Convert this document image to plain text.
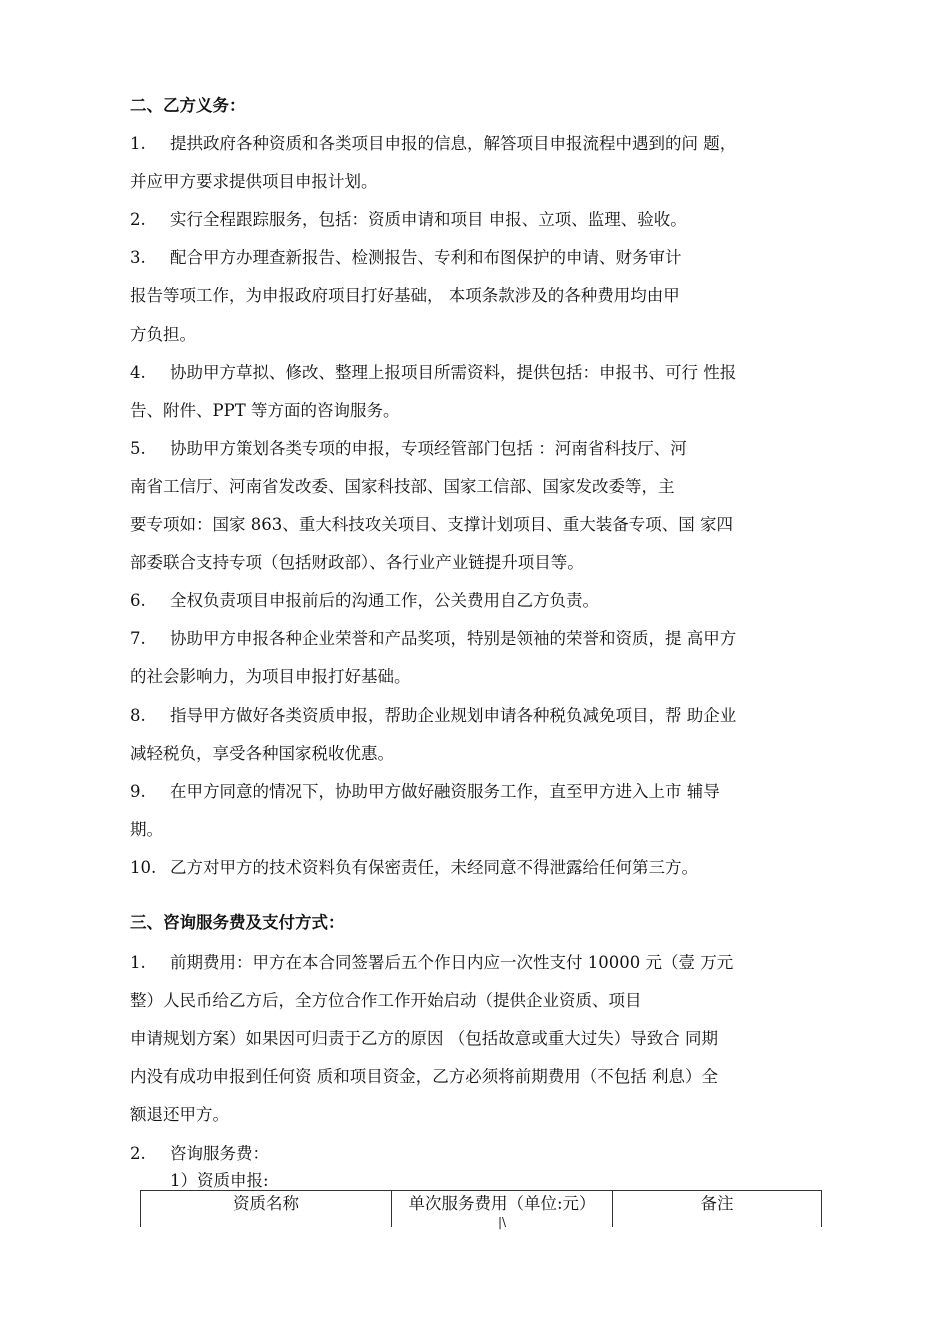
二、乙方义务：
1. 提拱政府各种资质和各类项目申报的信息，解答项目申报流程中遇到的问 题，
并应甲方要求提供项目申报计划。
2. 实行全程跟踪服务，包括：资质申请和项目 申报、立项、监理、验收。
3. 配合甲方办理查新报告、检测报告、专利和布图保护的申请、财务审计
报告等项工作，为申报政府项目打好基础， 本项条款涉及的各种费用均由甲
方负担。
4. 协助甲方草拟、修改、整理上报项目所需资料，提供包括：申报书、可行 性报
告、附件、PPT 等方面的咨询服务。
5. 协助甲方策划各类专项的申报，专项经管部门包括 ：河南省科技厅、河
南省工信厅、河南省发改委、国家科技部、国家工信部、国家发改委等，主
要专项如：国家 863、重大科技攻关项目、支撑计划项目、重大装备专项、国 家四
部委联合支持专项（包括财政部）、各行业产业链提升项目等。
6. 全权负责项目申报前后的沟通工作，公关费用自乙方负责。
7. 协助甲方申报各种企业荣誉和产品奖项，特别是领袖的荣誉和资质，提 高甲方
的社会影响力，为项目申报打好基础。
8. 指导甲方做好各类资质申报，帮助企业规划申请各种税负减免项目，帮 助企业
减轻税负，享受各种国家税收优惠。
9. 在甲方同意的情况下，协助甲方做好融资服务工作，直至甲方进入上市 辅导
期。
10. 乙方对甲方的技术资料负有保密责任，未经同意不得泄露给任何第三方。
三、咨询服务费及支付方式：
1. 前期费用：甲方在本合同签署后五个作日内应一次性支付 10000 元（壹 万元
整）人民币给乙方后，全方位合作工作开始启动（提供企业资质、项目
申请规划方案）如果因可归责于乙方的原因 （包括故意或重大过失）导致合 同期
内没有成功申报到任何资 质和项目资金，乙方必须将前期费用（不包括 利息）全
额退还甲方。
2. 咨询服务费：
1）资质申报:
资质名称	单次服务费用（单位:元）	备注
|\
